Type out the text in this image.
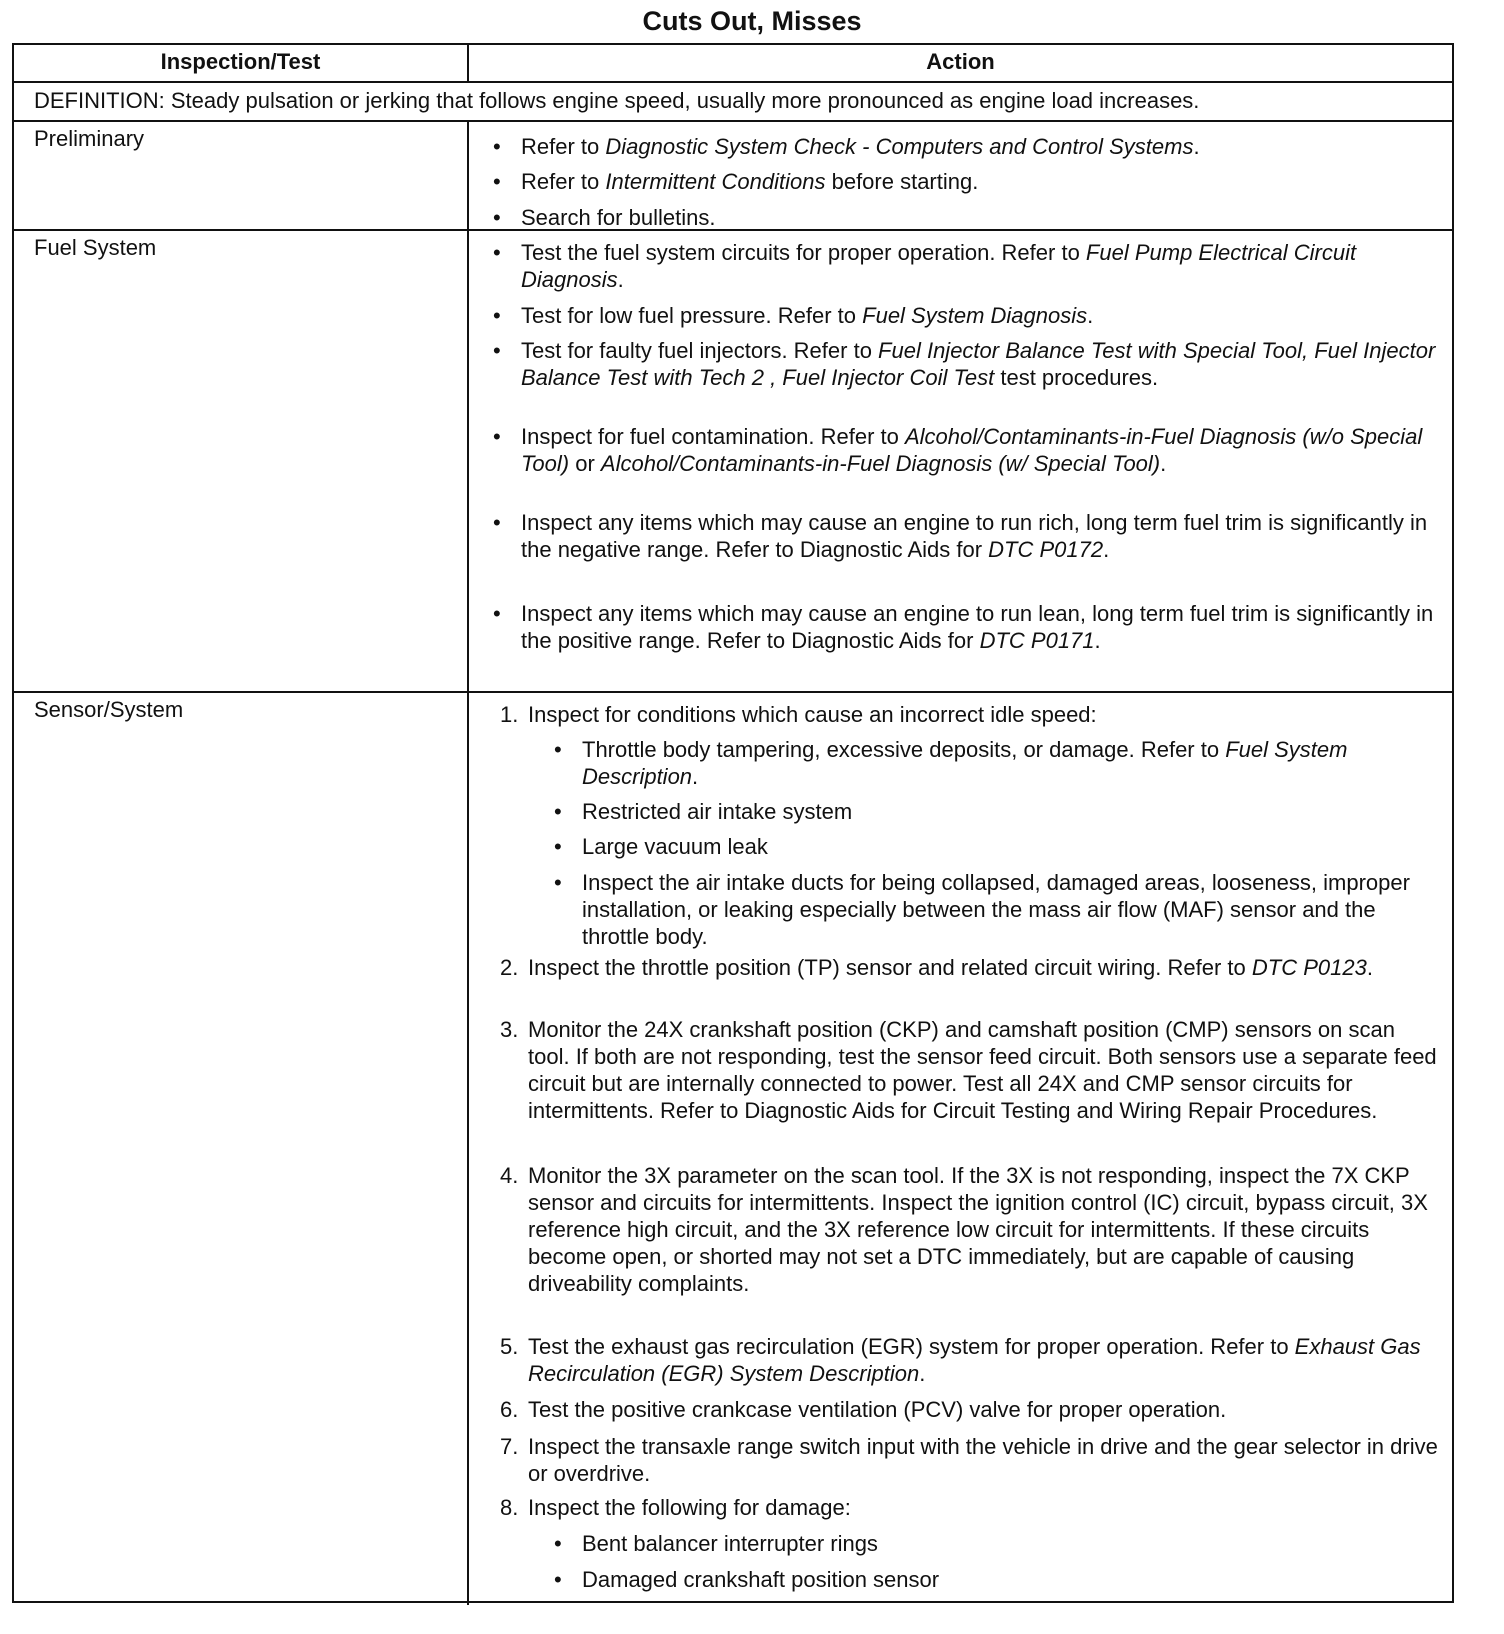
Cuts Out, Misses
Inspection/Test	Action
DEFINITION: Steady pulsation or jerking that follows engine speed, usually more pronounced as engine load increases.
Preliminary	• Refer to Diagnostic System Check - Computers and Control Systems.
• Refer to Intermittent Conditions before starting.
• Search for bulletins.
Fuel System	• Test the fuel system circuits for proper operation. Refer to Fuel Pump Electrical Circuit Diagnosis.
• Test for low fuel pressure. Refer to Fuel System Diagnosis.
• Test for faulty fuel injectors. Refer to Fuel Injector Balance Test with Special Tool, Fuel Injector Balance Test with Tech 2 , Fuel Injector Coil Test test procedures.
• Inspect for fuel contamination. Refer to Alcohol/Contaminants-in-Fuel Diagnosis (w/o Special Tool) or Alcohol/Contaminants-in-Fuel Diagnosis (w/ Special Tool).
• Inspect any items which may cause an engine to run rich, long term fuel trim is significantly in the negative range. Refer to Diagnostic Aids for DTC P0172.
• Inspect any items which may cause an engine to run lean, long term fuel trim is significantly in the positive range. Refer to Diagnostic Aids for DTC P0171.
Sensor/System	1. Inspect for conditions which cause an incorrect idle speed:
• Throttle body tampering, excessive deposits, or damage. Refer to Fuel System Description.
• Restricted air intake system
• Large vacuum leak
• Inspect the air intake ducts for being collapsed, damaged areas, looseness, improper installation, or leaking especially between the mass air flow (MAF) sensor and the throttle body.
2. Inspect the throttle position (TP) sensor and related circuit wiring. Refer to DTC P0123.
3. Monitor the 24X crankshaft position (CKP) and camshaft position (CMP) sensors on scan tool. If both are not responding, test the sensor feed circuit. Both sensors use a separate feed circuit but are internally connected to power. Test all 24X and CMP sensor circuits for intermittents. Refer to Diagnostic Aids for Circuit Testing and Wiring Repair Procedures.
4. Monitor the 3X parameter on the scan tool. If the 3X is not responding, inspect the 7X CKP sensor and circuits for intermittents. Inspect the ignition control (IC) circuit, bypass circuit, 3X reference high circuit, and the 3X reference low circuit for intermittents. If these circuits become open, or shorted may not set a DTC immediately, but are capable of causing driveability complaints.
5. Test the exhaust gas recirculation (EGR) system for proper operation. Refer to Exhaust Gas Recirculation (EGR) System Description.
6. Test the positive crankcase ventilation (PCV) valve for proper operation.
7. Inspect the transaxle range switch input with the vehicle in drive and the gear selector in drive or overdrive.
8. Inspect the following for damage:
• Bent balancer interrupter rings
• Damaged crankshaft position sensor
